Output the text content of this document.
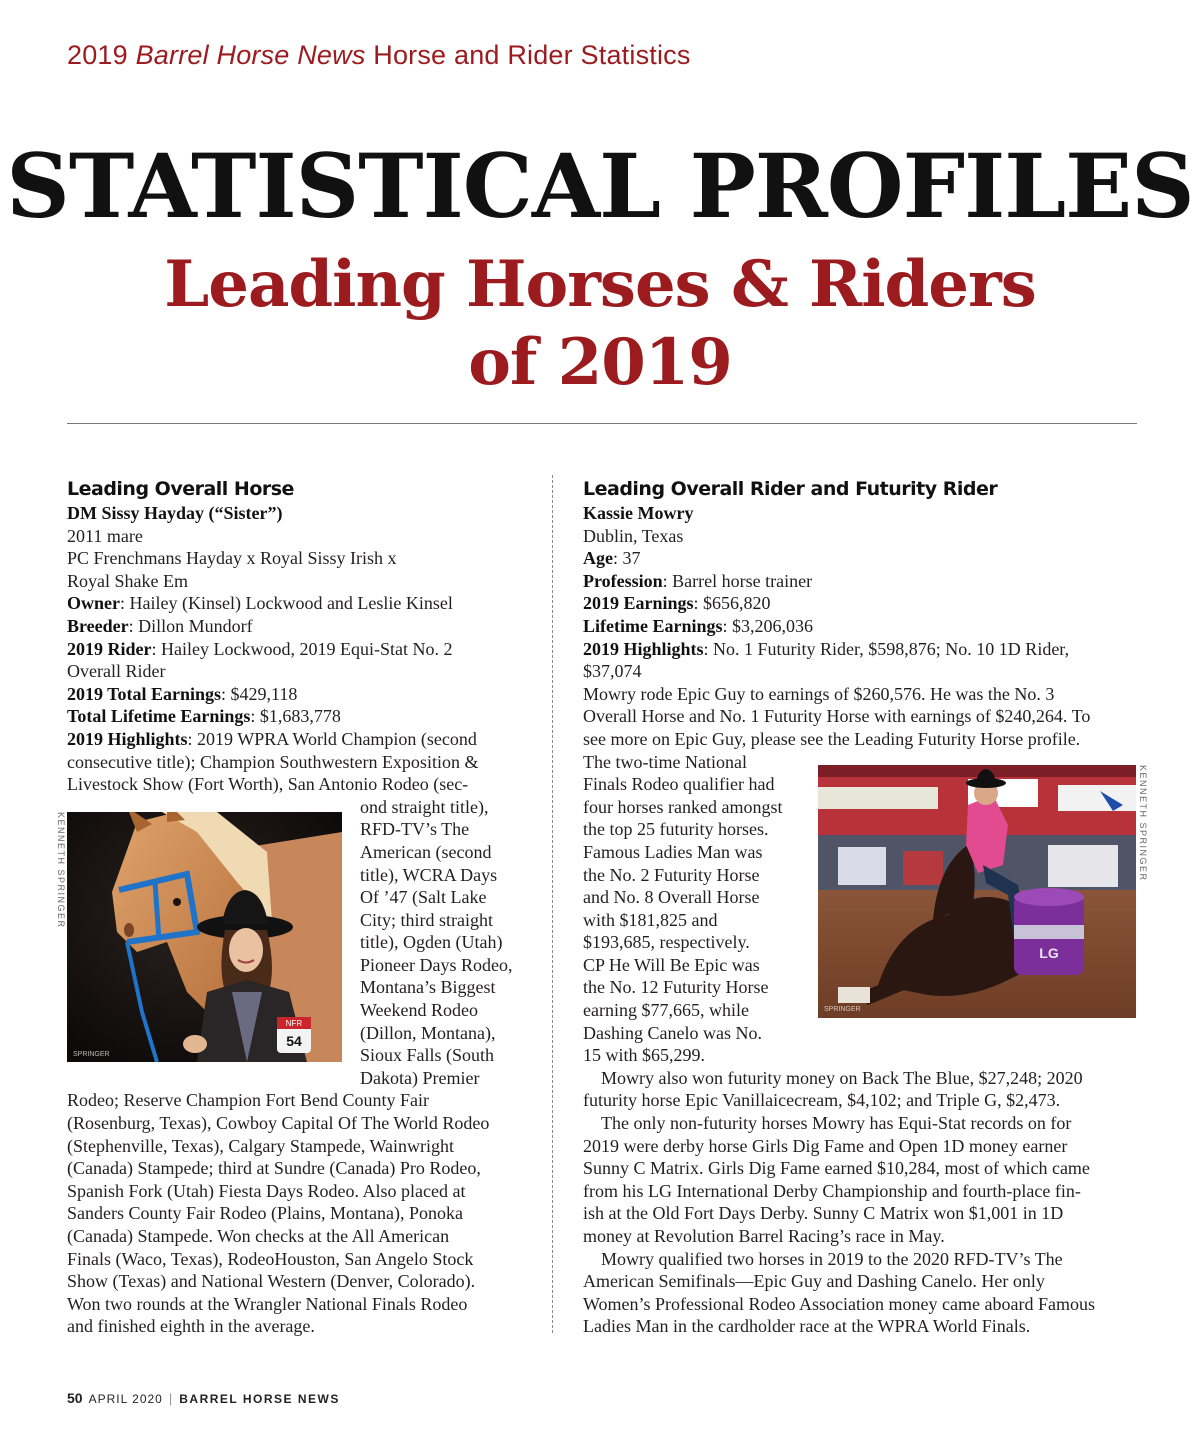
2019 Barrel Horse News Horse and Rider Statistics
STATISTICAL PROFILES
Leading Horses & Riders
of 2019
Leading Overall Horse
DM Sissy Hayday (“Sister”)
2011 mare
PC Frenchmans Hayday x Royal Sissy Irish x
Royal Shake Em
Owner: Hailey (Kinsel) Lockwood and Leslie Kinsel
Breeder: Dillon Mundorf
2019 Rider: Hailey Lockwood, 2019 Equi-Stat No. 2
Overall Rider
2019 Total Earnings: $429,118
Total Lifetime Earnings: $1,683,778
2019 Highlights: 2019 WPRA World Champion (second
consecutive title); Champion Southwestern Exposition &
Livestock Show (Fort Worth), San Antonio Rodeo (sec-
ond straight title),
RFD-TV’s The
American (second
title), WCRA Days
Of ’47 (Salt Lake
City; third straight
title), Ogden (Utah)
Pioneer Days Rodeo,
Montana’s Biggest
Weekend Rodeo
(Dillon, Montana),
Sioux Falls (South
Dakota) Premier
Rodeo; Reserve Champion Fort Bend County Fair
(Rosenburg, Texas), Cowboy Capital Of The World Rodeo
(Stephenville, Texas), Calgary Stampede, Wainwright
(Canada) Stampede; third at Sundre (Canada) Pro Rodeo,
Spanish Fork (Utah) Fiesta Days Rodeo. Also placed at
Sanders County Fair Rodeo (Plains, Montana), Ponoka
(Canada) Stampede. Won checks at the All American
Finals (Waco, Texas), RodeoHouston, San Angelo Stock
Show (Texas) and National Western (Denver, Colorado).
Won two rounds at the Wrangler National Finals Rodeo
and finished eighth in the average.
KENNETH SPRINGER
NFR
54
SPRINGER
Leading Overall Rider and Futurity Rider
Kassie Mowry
Dublin, Texas
Age: 37
Profession: Barrel horse trainer
2019 Earnings: $656,820
Lifetime Earnings: $3,206,036
2019 Highlights: No. 1 Futurity Rider, $598,876; No. 10 1D Rider,
$37,074
Mowry rode Epic Guy to earnings of $260,576. He was the No. 3
Overall Horse and No. 1 Futurity Horse with earnings of $240,264. To
see more on Epic Guy, please see the Leading Futurity Horse profile.
The two-time National
Finals Rodeo qualifier had
four horses ranked amongst
the top 25 futurity horses.
Famous Ladies Man was
the No. 2 Futurity Horse
and No. 8 Overall Horse
with $181,825 and
$193,685, respectively.
CP He Will Be Epic was
the No. 12 Futurity Horse
earning $77,665, while
Dashing Canelo was No.
15 with $65,299.
Mowry also won futurity money on Back The Blue, $27,248; 2020
futurity horse Epic Vanillaicecream, $4,102; and Triple G, $2,473.
The only non-futurity horses Mowry has Equi-Stat records on for
2019 were derby horse Girls Dig Fame and Open 1D money earner
Sunny C Matrix. Girls Dig Fame earned $10,284, most of which came
from his LG International Derby Championship and fourth-place fin-
ish at the Old Fort Days Derby. Sunny C Matrix won $1,001 in 1D
money at Revolution Barrel Racing’s race in May.
Mowry qualified two horses in 2019 to the 2020 RFD-TV’s The
American Semifinals—Epic Guy and Dashing Canelo. Her only
Women’s Professional Rodeo Association money came aboard Famous
Ladies Man in the cardholder race at the WPRA World Finals.
KENNETH SPRINGER
LG
SPRINGER
50 APRIL 2020 | BARREL HORSE NEWS
